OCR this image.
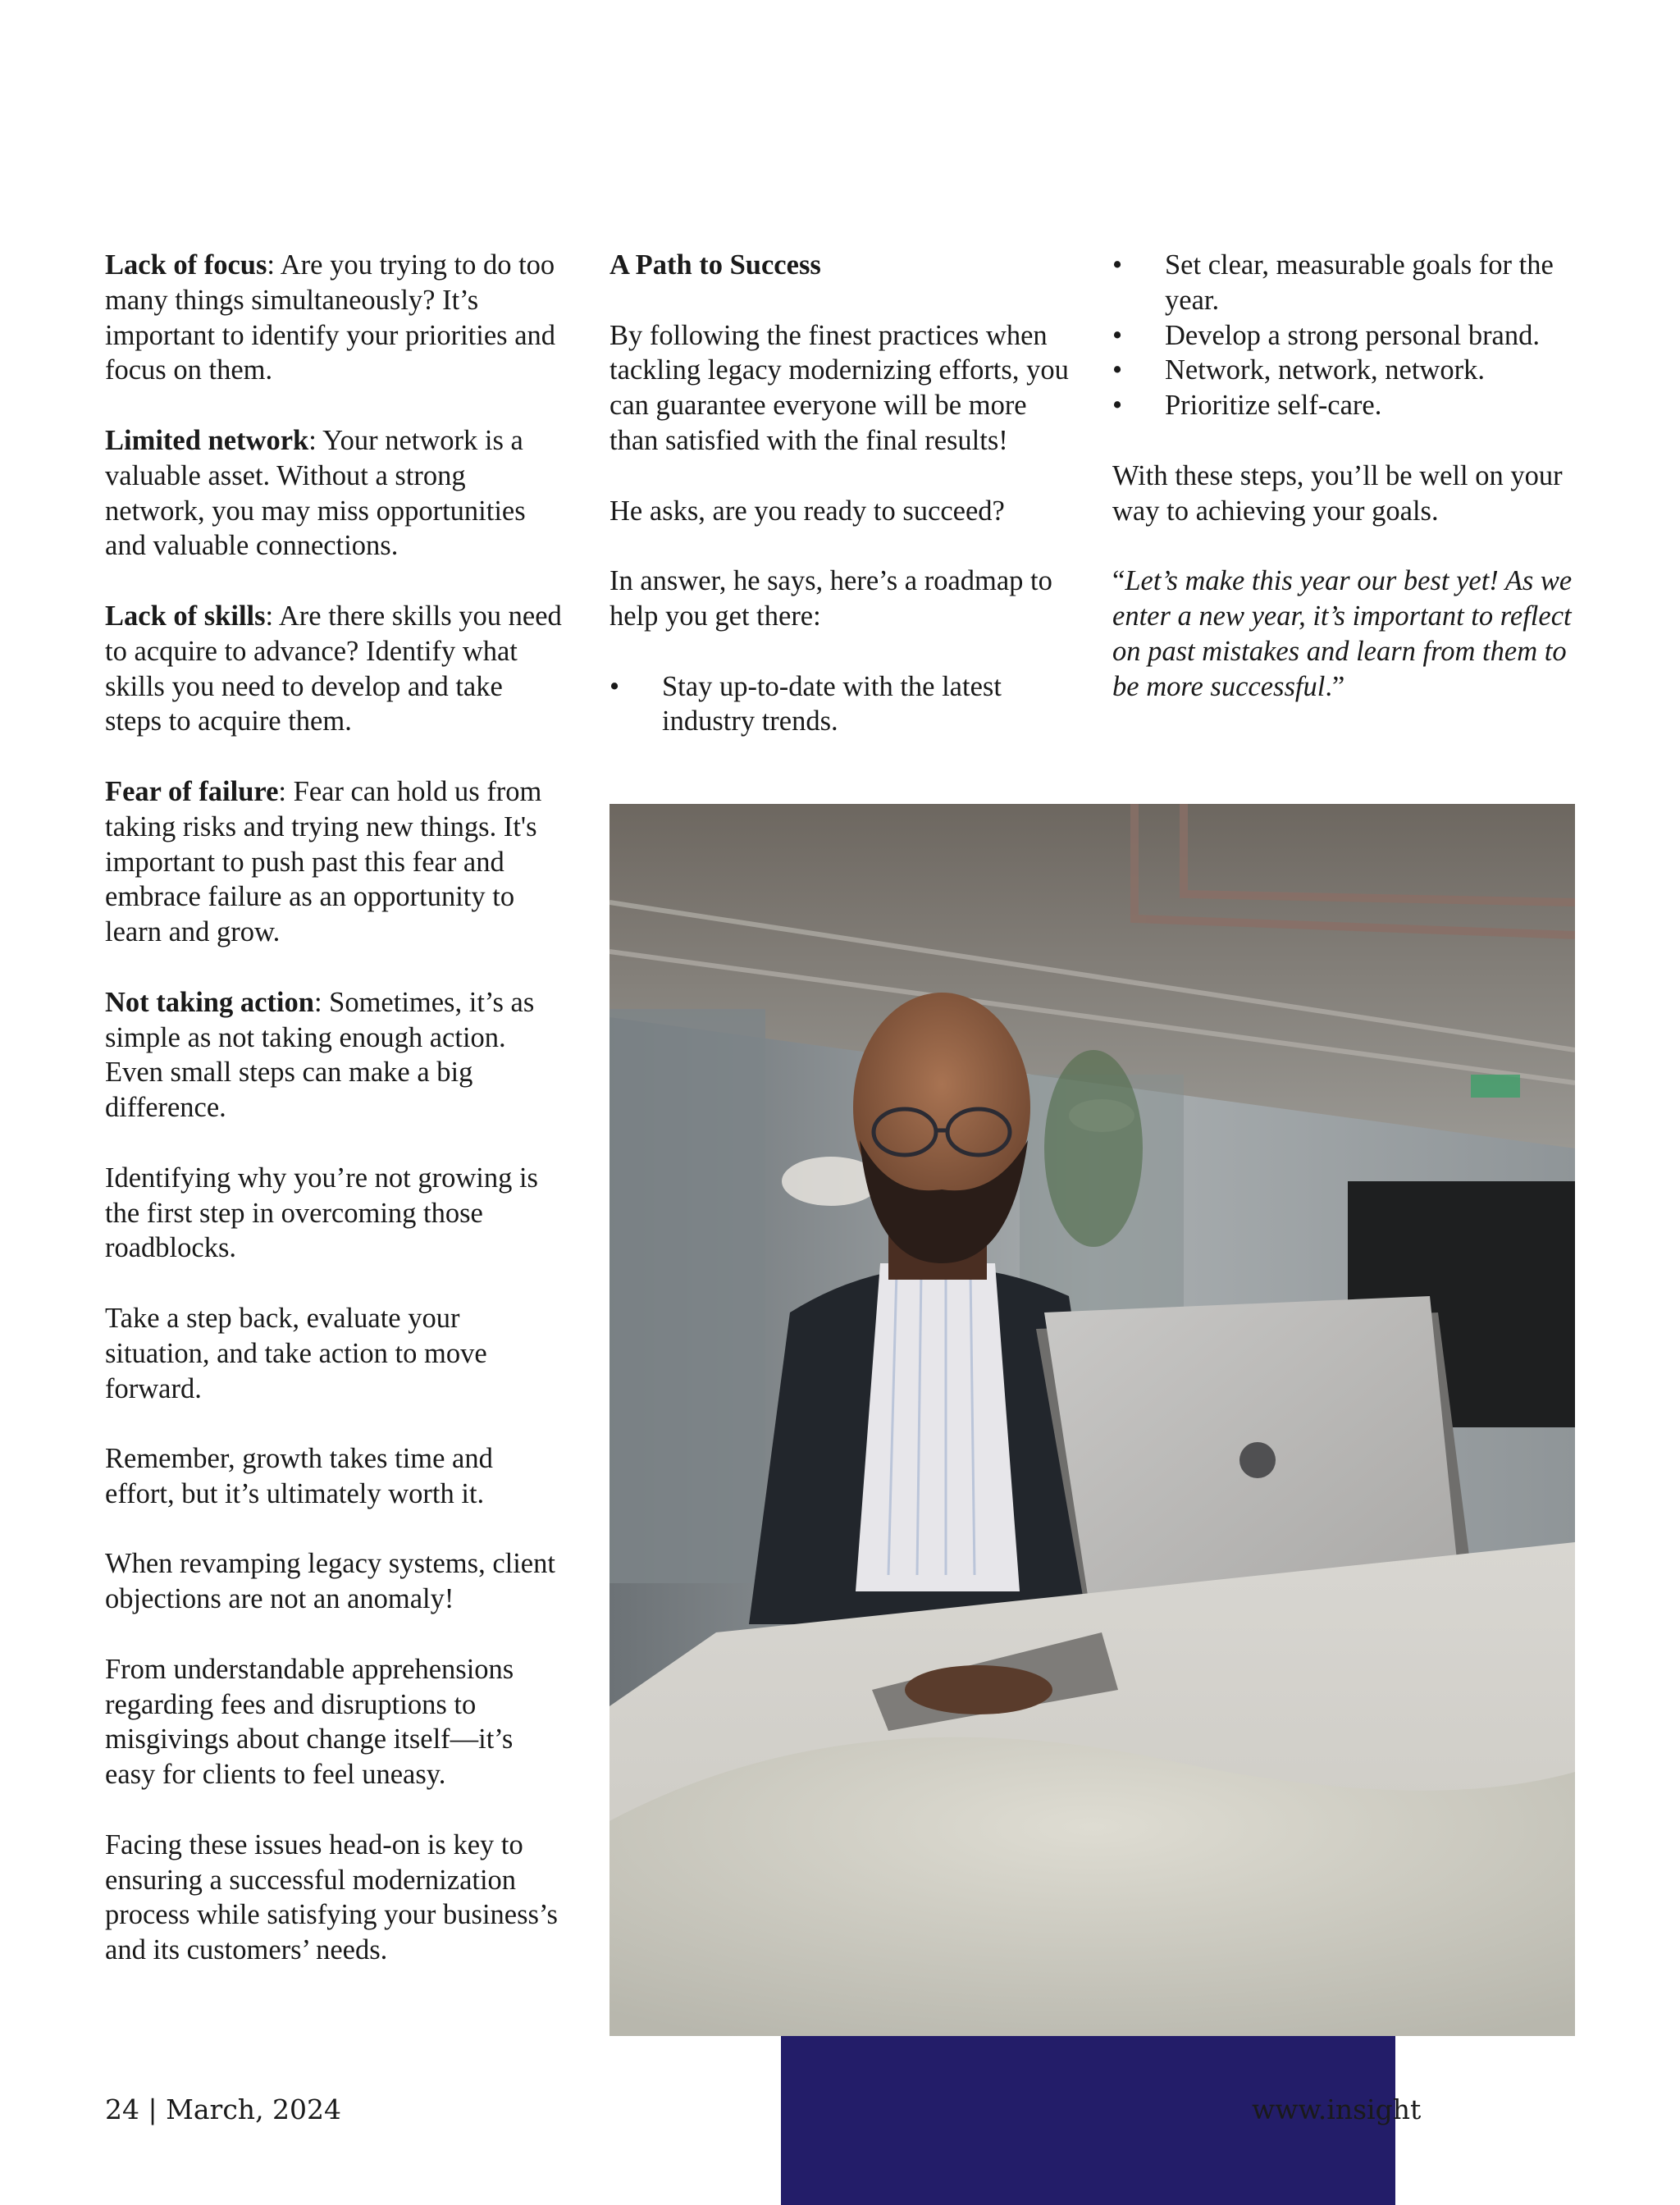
Lack of focus: Are you trying to do too many things simultaneously? It’s important to identify your priorities and focus on them.

Limited network: Your network is a valuable asset. Without a strong network, you may miss opportunities and valuable connections.

Lack of skills: Are there skills you need to acquire to advance? Identify what skills you need to develop and take steps to acquire them.

Fear of failure: Fear can hold us from taking risks and trying new things. It's important to push past this fear and embrace failure as an opportunity to learn and grow.

Not taking action: Sometimes, it’s as simple as not taking enough action. Even small steps can make a big difference.

Identifying why you’re not growing is the first step in overcoming those roadblocks.

Take a step back, evaluate your situation, and take action to move forward.

Remember, growth takes time and effort, but it’s ultimately worth it.

When revamping legacy systems, client objections are not an anomaly!

From understandable apprehensions regarding fees and disruptions to misgivings about change itself—it’s easy for clients to feel uneasy.

Facing these issues head-on is key to ensuring a successful modernization process while satisfying your business’s and its customers’ needs.

A Path to Success

By following the finest practices when tackling legacy modernizing efforts, you can guarantee everyone will be more than satisfied with the final results!

He asks, are you ready to succeed?

In answer, he says, here’s a roadmap to help you get there:

•	Stay up-to-date with the latest industry trends.
•	Set clear, measurable goals for the year.
•	Develop a strong personal brand.
•	Network, network, network.
•	Prioritize self-care.

With these steps, you’ll be well on your way to achieving your goals.

“Let’s make this year our best yet! As we enter a new year, it’s important to reflect on past mistakes and learn from them to be more successful.”

24 | March, 2024	www.insightssuccess.in
